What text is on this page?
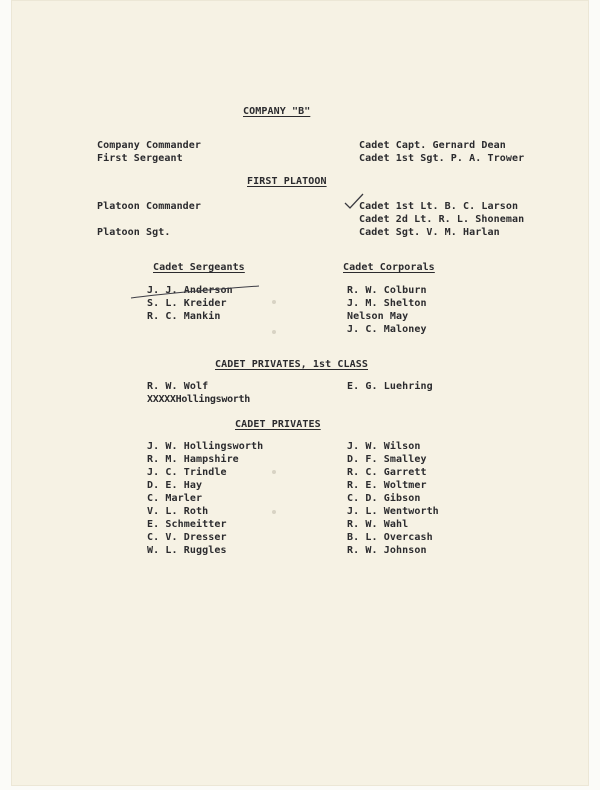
COMPANY "B"
Company Commander
First Sergeant
Cadet Capt. Gernard Dean
Cadet 1st Sgt. P. A. Trower
FIRST PLATOON
Platoon Commander
Platoon Sgt.
Cadet 1st Lt. B. C. Larson
Cadet 2d Lt. R. L. Shoneman
Cadet Sgt. V. M. Harlan
Cadet Sergeants	Cadet Corporals
J. J. Anderson
S. L. Kreider
R. C. Mankin
R. W. Colburn
J. M. Shelton
Nelson May
J. C. Maloney
CADET PRIVATES, 1st CLASS
R. W. Wolf	E. G. Luehring
XXXXXHollingsworth
CADET PRIVATES
J. W. Hollingsworth
R. M. Hampshire
J. C. Trindle
D. E. Hay
C. Marler
V. L. Roth
E. Schmeitter
C. V. Dresser
W. L. Ruggles
J. W. Wilson
D. F. Smalley
R. C. Garrett
R. E. Woltmer
C. D. Gibson
J. L. Wentworth
R. W. Wahl
B. L. Overcash
R. W. Johnson
